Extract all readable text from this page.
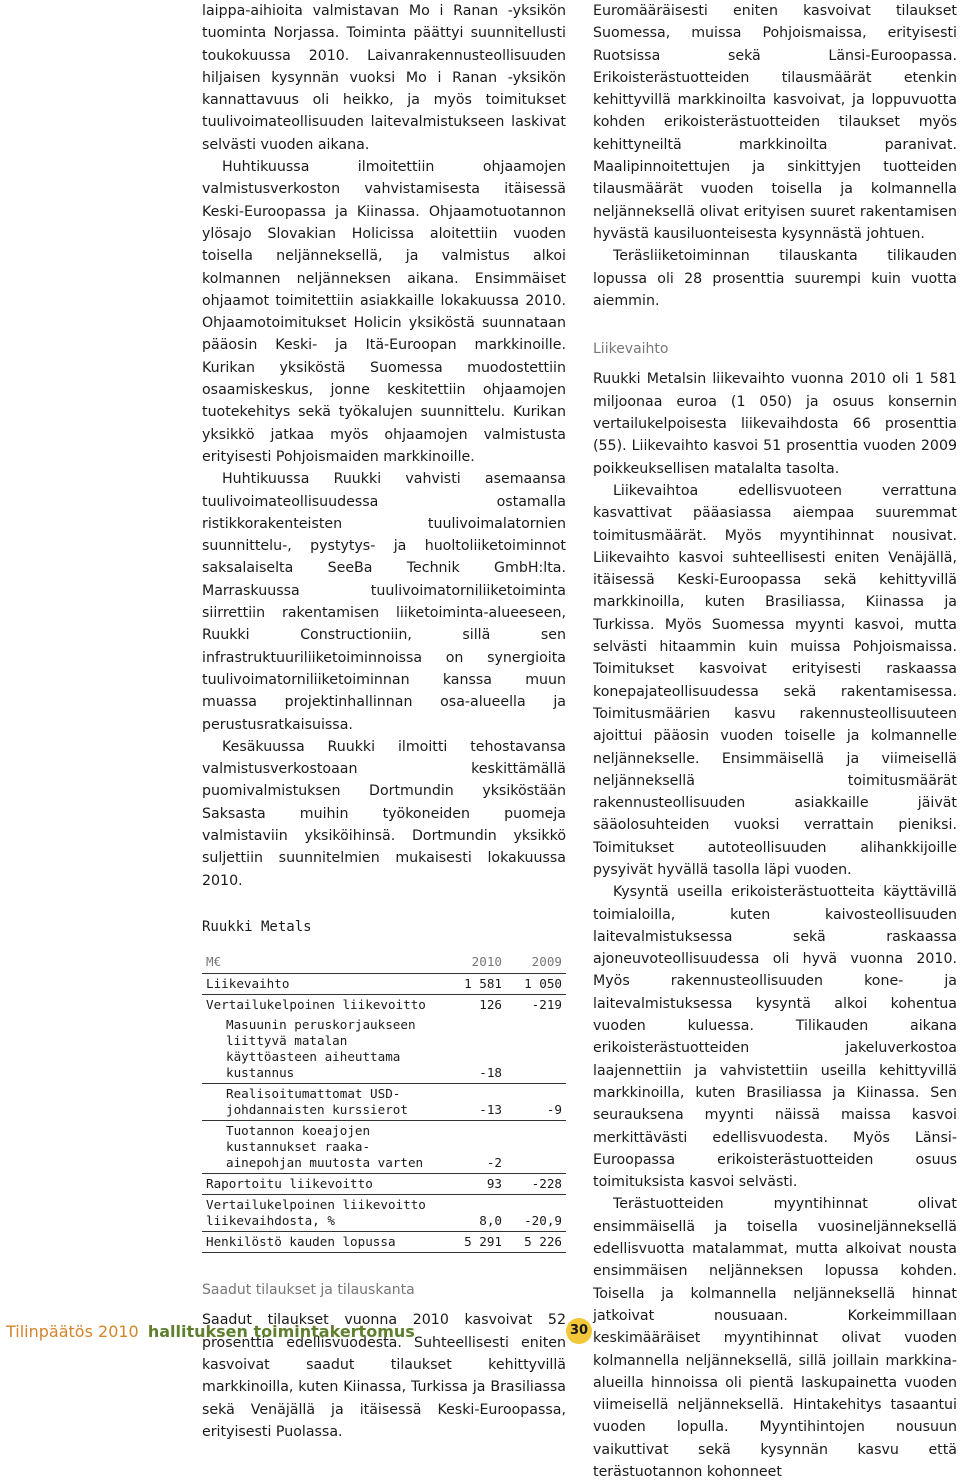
laippa-aihioita valmistavan Mo i Ranan -yksikön tuominta Norjassa. Toiminta päättyi suunnitellusti toukokuussa 2010. Laivanrakennusteollisuuden hiljaisen kysynnän vuoksi Mo i Ranan -yksikön kannattavuus oli heikko, ja myös toimitukset tuulivoimateollisuuden laitevalmistukseen laskivat selvästi vuoden aikana.

Huhtikuussa ilmoitettiin ohjaamojen valmistusverkoston vahvistamisesta itäisessä Keski-Euroopassa ja Kiinassa. Ohjaamotuotannon ylösajo Slovakian Holicissa aloitettiin vuoden toisella neljänneksellä, ja valmistus alkoi kolmannen neljänneksen aikana. Ensimmäiset ohjaamot toimitettiin asiakkaille lokakuussa 2010. Ohjaamotoimitukset Holicin yksiköstä suunnataan pääosin Keski- ja Itä-Euroopan markkinoille. Kurikan yksiköstä Suomessa muodostettiin osaamiskeskus, jonne keskitettiin ohjaamojen tuotekehitys sekä työkalujen suunnittelu. Kurikan yksikkö jatkaa myös ohjaamojen valmistusta erityisesti Pohjoismaiden markkinoille.

Huhtikuussa Ruukki vahvisti asemaansa tuulivoimateollisuudessa ostamalla ristikkorakenteisten tuulivoimalatornien suunnittelu-, pystytys- ja huoltoliiketoiminnot saksalaiselta SeeBa Technik GmbH:lta. Marraskuussa tuulivoimatorniliiketoiminta siirrettiin rakentamisen liiketoiminta-alueeseen, Ruukki Constructioniin, sillä sen infrastruktuuriliiketoiminnoissa on synergioita tuulivoimatorniliiketoiminnan kanssa muun muassa projektinhallinnan osa-alueella ja perustusratkaisuissa.

Kesäkuussa Ruukki ilmoitti tehostavansa valmistusverkostoaan keskittämällä puomivalmistuksen Dortmundin yksiköstään Saksasta muihin työkoneiden puomeja valmistaviin yksiköihinsä. Dortmundin yksikkö suljettiin suunnitelmien mukaisesti lokakuussa 2010.

Ruukki Metals
M€	2010	2009
Liikevaihto	1 581	1 050
Vertailukelpoinen liikevoitto	126	-219
Masuunin peruskorjaukseen liittyvä matalan käyttöasteen aiheuttama kustannus	-18	
Realisoitumattomat USD-johdannaisten kurssierot	-13	-9
Tuotannon koeajojen kustannukset raaka-ainepohjan muutosta varten	-2	
Raportoitu liikevoitto	93	-228
Vertailukelpoinen liikevoitto liikevaihdosta, %	8,0	-20,9
Henkilöstö kauden lopussa	5 291	5 226
Saadut tilaukset ja tilauskanta

Saadut tilaukset vuonna 2010 kasvoivat 52 prosenttia edellisvuodesta. Suhteellisesti eniten kasvoivat saadut tilaukset kehittyvillä markkinoilla, kuten Kiinassa, Turkissa ja Brasiliassa sekä Venäjällä ja itäisessä Keski-Euroopassa, erityisesti Puolassa.

Euromääräisesti eniten kasvoivat tilaukset Suomessa, muissa Pohjoismaissa, erityisesti Ruotsissa sekä Länsi-Euroopassa. Erikoisterästuotteiden tilausmäärät etenkin kehittyvillä markkinoilta kasvoivat, ja loppuvuotta kohden erikoisterästuotteiden tilaukset myös kehittyneiltä markkinoilta paranivat. Maalipinnoitettujen ja sinkittyjen tuotteiden tilausmäärät vuoden toisella ja kolmannella neljänneksellä olivat erityisen suuret rakentamisen hyvästä kausiluonteisesta kysynnästä johtuen.

Teräsliiketoiminnan tilauskanta tilikauden lopussa oli 28 prosenttia suurempi kuin vuotta aiemmin.

Liikevaihto

Ruukki Metalsin liikevaihto vuonna 2010 oli 1 581 miljoonaa euroa (1 050) ja osuus konsernin vertailukelpoisesta liikevaihdosta 66 prosenttia (55). Liikevaihto kasvoi 51 prosenttia vuoden 2009 poikkeuksellisen matalalta tasolta.

Liikevaihtoa edellisvuoteen verrattuna kasvattivat pääasiassa aiempaa suuremmat toimitusmäärät. Myös myyntihinnat nousivat. Liikevaihto kasvoi suhteellisesti eniten Venäjällä, itäisessä Keski-Euroopassa sekä kehittyvillä markkinoilla, kuten Brasiliassa, Kiinassa ja Turkissa. Myös Suomessa myynti kasvoi, mutta selvästi hitaammin kuin muissa Pohjoismaissa. Toimitukset kasvoivat erityisesti raskaassa konepajateollisuudessa sekä rakentamisessa. Toimitusmäärien kasvu rakennusteollisuuteen ajoittui pääosin vuoden toiselle ja kolmannelle neljännekselle. Ensimmäisellä ja viimeisellä neljänneksellä toimitusmäärät rakennusteollisuuden asiakkaille jäivät sääolosuhteiden vuoksi verrattain pieniksi. Toimitukset autoteollisuuden alihankkijoille pysyivät hyvällä tasolla läpi vuoden.

Kysyntä useilla erikoisterästuotteita käyttävillä toimialoilla, kuten kaivosteollisuuden laitevalmistuksessa sekä raskaassa ajoneuvoteollisuudessa oli hyvä vuonna 2010. Myös rakennusteollisuuden kone- ja laitevalmistuksessa kysyntä alkoi kohentua vuoden kuluessa. Tilikauden aikana erikoisterästuotteiden jakeluverkostoa laajennettiin ja vahvistettiin useilla kehittyvillä markkinoilla, kuten Brasiliassa ja Kiinassa. Sen seurauksena myynti näissä maissa kasvoi merkittävästi edellisvuodesta. Myös Länsi-Euroopassa erikoisterästuotteiden osuus toimituksista kasvoi selvästi.

Terästuotteiden myyntihinnat olivat ensimmäisellä ja toisella vuosineljänneksellä edellisvuotta matalammat, mutta alkoivat nousta ensimmäisen neljänneksen lopussa kohden. Toisella ja kolmannella neljänneksellä hinnat jatkoivat nousuaan. Korkeimmillaan keskimääräiset myyntihinnat olivat vuoden kolmannella neljänneksellä, sillä joillain markkina-alueilla hinnoissa oli pientä laskupainetta vuoden viimeisellä neljänneksellä. Hintakehitys tasaantui vuoden lopulla. Myyntihintojen nousuun vaikuttivat sekä kysynnän kasvu että terästuotannon kohonneet

Tilinpäätös 2010 hallituksen toimintakertomus	30
